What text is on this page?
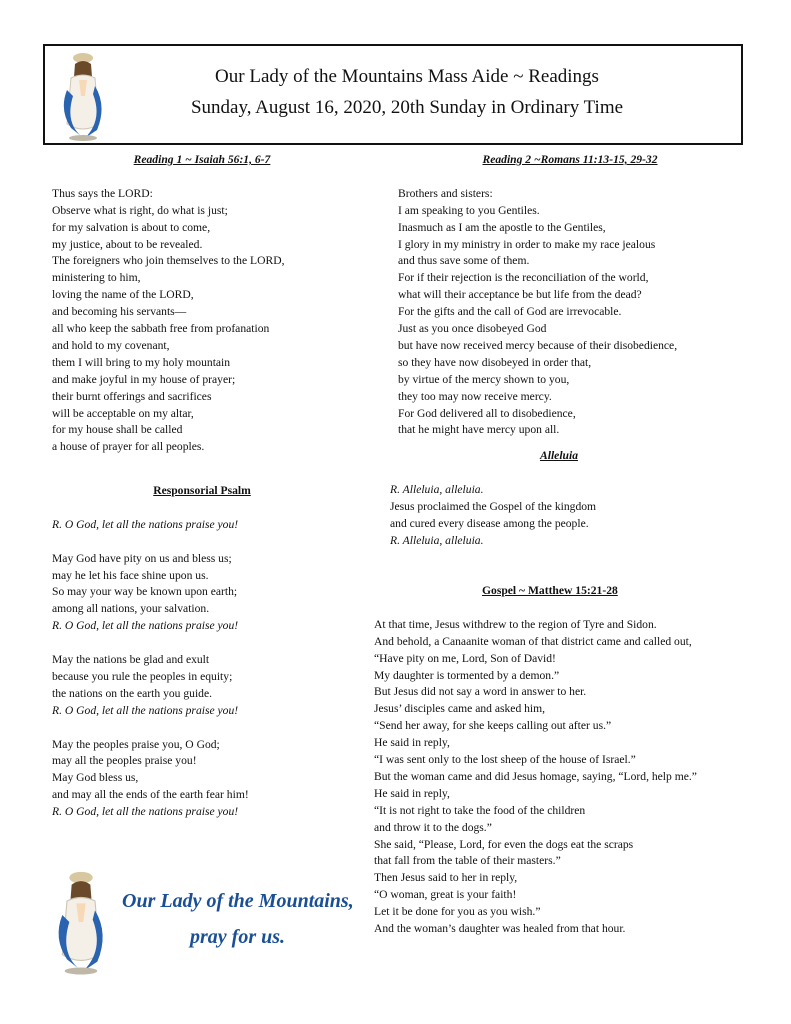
Our Lady of the Mountains Mass Aide ~ Readings
Sunday, August 16, 2020, 20th Sunday in Ordinary Time
Reading 1 ~ Isaiah 56:1, 6-7
Thus says the LORD:
Observe what is right, do what is just;
for my salvation is about to come,
my justice, about to be revealed.
The foreigners who join themselves to the LORD,
ministering to him,
loving the name of the LORD,
and becoming his servants—
all who keep the sabbath free from profanation
and hold to my covenant,
them I will bring to my holy mountain
and make joyful in my house of prayer;
their burnt offerings and sacrifices
will be acceptable on my altar,
for my house shall be called
a house of prayer for all peoples.
Responsorial Psalm
R. O God, let all the nations praise you!
May God have pity on us and bless us;
may he let his face shine upon us.
So may your way be known upon earth;
among all nations, your salvation.
R. O God, let all the nations praise you!
May the nations be glad and exult
because you rule the peoples in equity;
the nations on the earth you guide.
R. O God, let all the nations praise you!
May the peoples praise you, O God;
may all the peoples praise you!
May God bless us,
and may all the ends of the earth fear him!
R. O God, let all the nations praise you!
Reading 2 ~Romans 11:13-15, 29-32
Brothers and sisters:
I am speaking to you Gentiles.
Inasmuch as I am the apostle to the Gentiles,
I glory in my ministry in order to make my race jealous
and thus save some of them.
For if their rejection is the reconciliation of the world,
what will their acceptance be but life from the dead?
For the gifts and the call of God are irrevocable.
Just as you once disobeyed God
but have now received mercy because of their disobedience,
so they have now disobeyed in order that,
by virtue of the mercy shown to you,
they too may now receive mercy.
For God delivered all to disobedience,
that he might have mercy upon all.
Alleluia
R. Alleluia, alleluia.
Jesus proclaimed the Gospel of the kingdom
and cured every disease among the people.
R. Alleluia, alleluia.
Gospel ~ Matthew 15:21-28
At that time, Jesus withdrew to the region of Tyre and Sidon.
And behold, a Canaanite woman of that district came and called out,
“Have pity on me, Lord, Son of David!
My daughter is tormented by a demon.”
But Jesus did not say a word in answer to her.
Jesus’ disciples came and asked him,
“Send her away, for she keeps calling out after us.”
He said in reply,
“I was sent only to the lost sheep of the house of Israel.”
But the woman came and did Jesus homage, saying, “Lord, help me.”
He said in reply,
“It is not right to take the food of the children
and throw it to the dogs.”
She said, “Please, Lord, for even the dogs eat the scraps
that fall from the table of their masters.”
Then Jesus said to her in reply,
“O woman, great is your faith!
Let it be done for you as you wish.”
And the woman’s daughter was healed from that hour.
Our Lady of the Mountains,
pray for us.
